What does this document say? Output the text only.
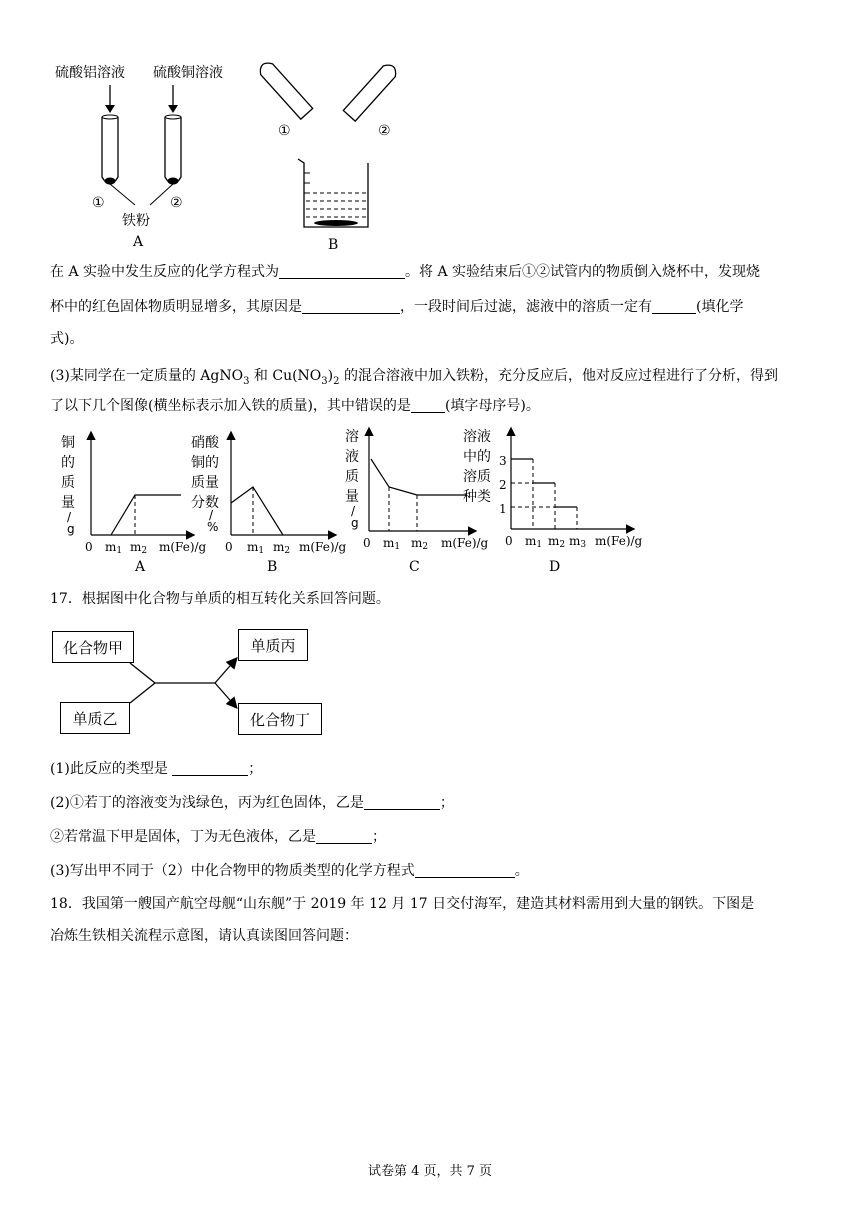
硫酸铝溶液 硫酸铜溶液
①	②
铁粉
A
①	②
B

在 A 实验中发生反应的化学方程式为	。将 A 实验结束后①②试管内的物质倒入烧杯中，发现烧

杯中的红色固体物质明显增多，其原因是	，一段时间后过滤，滤液中的溶质一定有	(填化学

式)。

(3)某同学在一定质量的 AgNO$_3$ 和 $Cu(NO_3)_2$ 的混合溶液中加入铁粉，充分反应后，他对反应过程进行了分析，得到

了以下几个图像(横坐标表示加入铁的质量)，其中错误的是 (填字母序号)。

铜
的
质
量
/
g
0 m1 m2 m(Fe)/g
A
硝酸
铜的
质量
分数
/
%
0 m1 m2 m(Fe)/g
B
溶
液
质
量
/
g
0 m1 m2 m(Fe)/g
C
溶液
中的
溶质
种类
3
2
1
0 m1 m2 m3 m(Fe)/g
D

17．根据图中化合物与单质的相互转化关系回答问题。

化合物甲
单质乙
单质丙
化合物丁

(1)此反应的类型是	；

(2)①若丁的溶液变为浅绿色，丙为红色固体，乙是	；

②若常温下甲是固体，丁为无色液体，乙是	；

(3)写出甲不同于（2）中化合物甲的物质类型的化学方程式	。

18．我国第一艘国产航空母舰“山东舰”于 2019 年 12 月 17 日交付海军，建造其材料需用到大量的钢铁。下图是

冶炼生铁相关流程示意图，请认真读图回答问题：

试卷第 4 页，共 7 页
